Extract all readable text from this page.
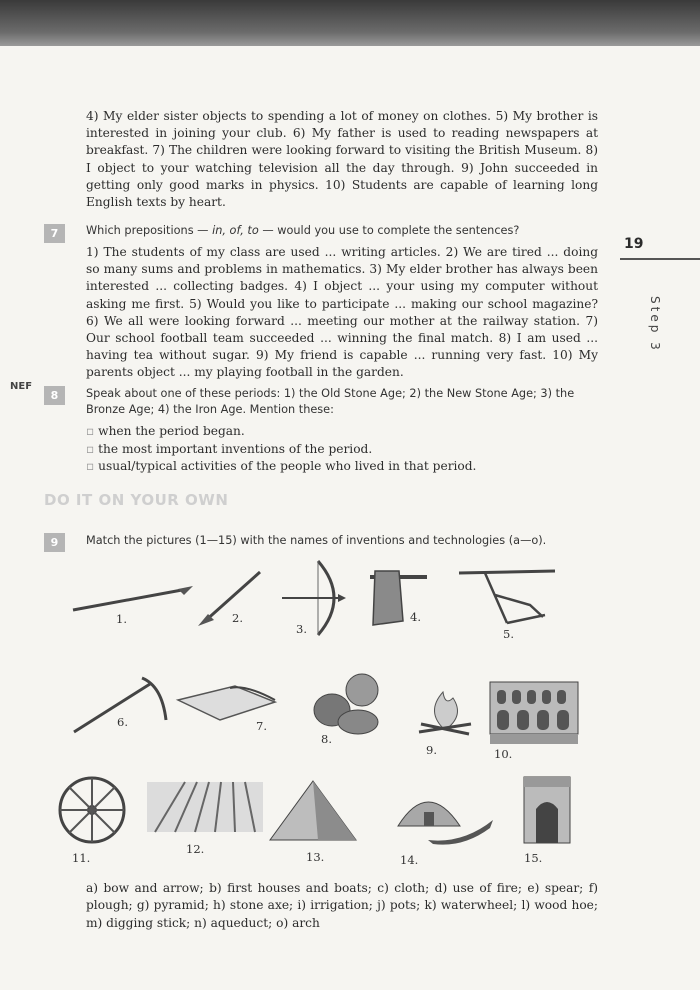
4) My elder sister objects to spending a lot of money on clothes. 5) My brother is interested in joining your club. 6) My father is used to reading newspapers at breakfast. 7) The children were looking forward to visiting the British Museum. 8) I object to your watching television all the day through. 9) John succeeded in getting only good marks in physics. 10) Students are capable of learning long English texts by heart.
7	Which prepositions — in, of, to — would you use to complete the sentences?
1) The students of my class are used ... writing articles. 2) We are tired ... doing so many sums and problems in mathematics. 3) My elder brother has always been interested ... collecting badges. 4) I object ... your using my computer without asking me first. 5) Would you like to participate ... making our school magazine? 6) We all were looking forward ... meeting our mother at the railway station. 7) Our school football team succeeded ... winning the final match. 8) I am used ... having tea without sugar. 9) My friend is capable ... running very fast. 10) My parents object ... my playing football in the garden.
19
Step 3
NEF
8	Speak about one of these periods: 1) the Old Stone Age; 2) the New Stone Age; 3) the Bronze Age; 4) the Iron Age. Mention these:
▫ when the period began.
▫ the most important inventions of the period.
▫ usual/typical activities of the people who lived in that period.
DO IT ON YOUR OWN
9	Match the pictures (1—15) with the names of inventions and technologies (a—o).
1.	2.
3.
4.
5.
6.	7.
8.
9.	10.
11.
12.
13.	14.	15.
a) bow and arrow; b) first houses and boats; c) cloth; d) use of fire; e) spear; f) plough; g) pyramid; h) stone axe; i) irrigation; j) pots; k) waterwheel; l) wood hoe; m) digging stick; n) aqueduct; o) arch
